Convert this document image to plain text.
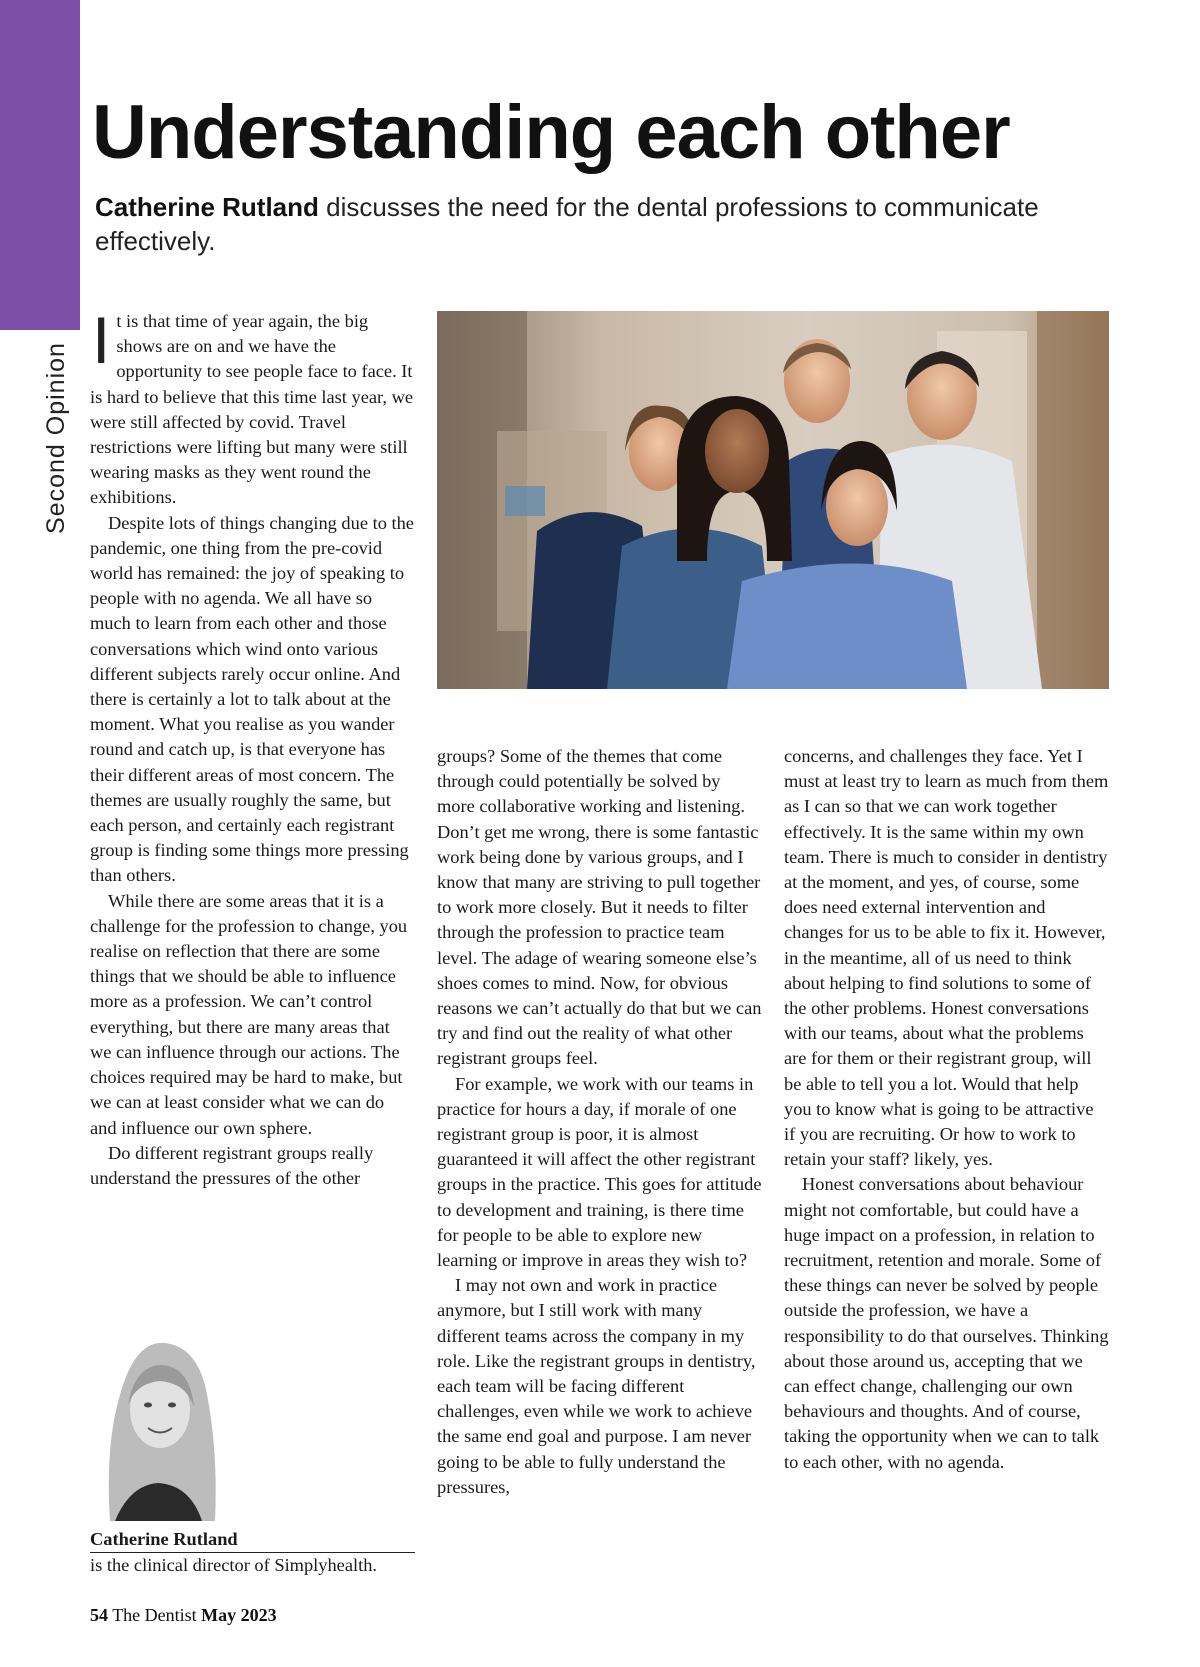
Second Opinion
Understanding each other

Catherine Rutland discusses the need for the dental professions to communicate effectively.

It is that time of year again, the big shows are on and we have the opportunity to see people face to face. It is hard to believe that this time last year, we were still affected by covid. Travel restrictions were lifting but many were still wearing masks as they went round the exhibitions.

Despite lots of things changing due to the pandemic, one thing from the pre-covid world has remained: the joy of speaking to people with no agenda. We all have so much to learn from each other and those conversations which wind onto various different subjects rarely occur online. And there is certainly a lot to talk about at the moment. What you realise as you wander round and catch up, is that everyone has their different areas of most concern. The themes are usually roughly the same, but each person, and certainly each registrant group is finding some things more pressing than others.

While there are some areas that it is a challenge for the profession to change, you realise on reflection that there are some things that we should be able to influence more as a profession. We can’t control everything, but there are many areas that we can influence through our actions. The choices required may be hard to make, but we can at least consider what we can do and influence our own sphere.

Do different registrant groups really understand the pressures of the other

groups? Some of the themes that come through could potentially be solved by more collaborative working and listening. Don’t get me wrong, there is some fantastic work being done by various groups, and I know that many are striving to pull together to work more closely. But it needs to filter through the profession to practice team level. The adage of wearing someone else’s shoes comes to mind. Now, for obvious reasons we can’t actually do that but we can try and find out the reality of what other registrant groups feel.

For example, we work with our teams in practice for hours a day, if morale of one registrant group is poor, it is almost guaranteed it will affect the other registrant groups in the practice. This goes for attitude to development and training, is there time for people to be able to explore new learning or improve in areas they wish to?

I may not own and work in practice anymore, but I still work with many different teams across the company in my role. Like the registrant groups in dentistry, each team will be facing different challenges, even while we work to achieve the same end goal and purpose. I am never going to be able to fully understand the pressures,

concerns, and challenges they face. Yet I must at least try to learn as much from them as I can so that we can work together effectively. It is the same within my own team. There is much to consider in dentistry at the moment, and yes, of course, some does need external intervention and changes for us to be able to fix it. However, in the meantime, all of us need to think about helping to find solutions to some of the other problems. Honest conversations with our teams, about what the problems are for them or their registrant group, will be able to tell you a lot. Would that help you to know what is going to be attractive if you are recruiting. Or how to work to retain your staff? likely, yes.

Honest conversations about behaviour might not comfortable, but could have a huge impact on a profession, in relation to recruitment, retention and morale. Some of these things can never be solved by people outside the profession, we have a responsibility to do that ourselves. Thinking about those around us, accepting that we can effect change, challenging our own behaviours and thoughts. And of course, taking the opportunity when we can to talk to each other, with no agenda.

Catherine Rutland

is the clinical director of Simplyhealth.

54 The Dentist May 2023
